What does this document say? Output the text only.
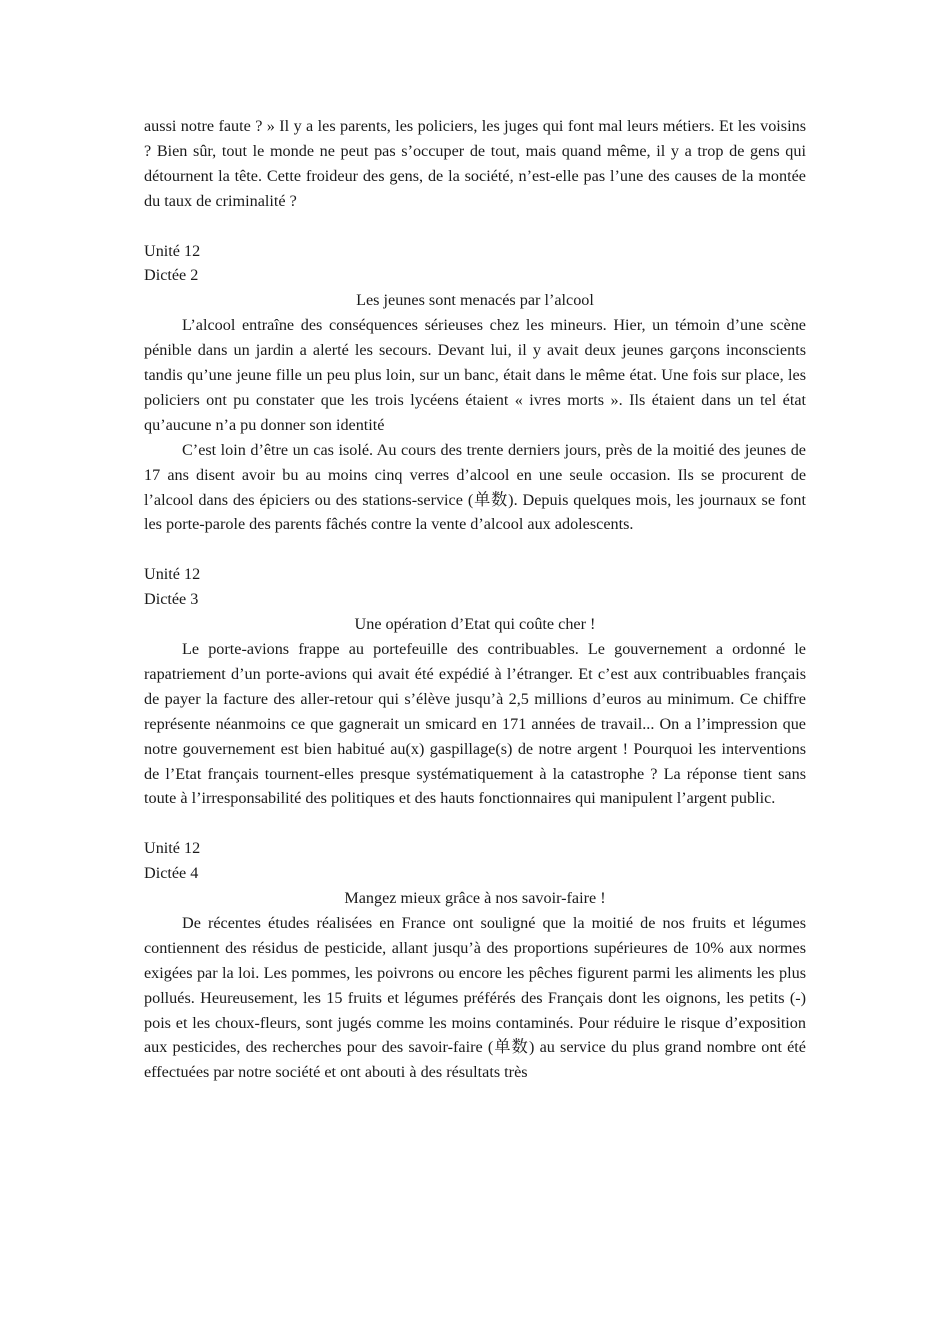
aussi notre faute ? » Il y a les parents, les policiers, les juges qui font mal leurs métiers. Et les voisins ? Bien sûr, tout le monde ne peut pas s’occuper de tout, mais quand même, il y a trop de gens qui détournent la tête. Cette froideur des gens, de la société, n’est-elle pas l’une des causes de la montée du taux de criminalité ?

Unité 12

Dictée 2

Les jeunes sont menacés par l’alcool

L’alcool entraîne des conséquences sérieuses chez les mineurs. Hier, un témoin d’une scène pénible dans un jardin a alerté les secours. Devant lui, il y avait deux jeunes garçons inconscients tandis qu’une jeune fille un peu plus loin, sur un banc, était dans le même état. Une fois sur place, les policiers ont pu constater que les trois lycéens étaient « ivres morts ». Ils étaient dans un tel état qu’aucune n’a pu donner son identité

C’est loin d’être un cas isolé. Au cours des trente derniers jours, près de la moitié des jeunes de 17 ans disent avoir bu au moins cinq verres d’alcool en une seule occasion. Ils se procurent de l’alcool dans des épiciers ou des stations-service (单数). Depuis quelques mois, les journaux se font les porte-parole des parents fâchés contre la vente d’alcool aux adolescents.

Unité 12

Dictée 3

Une opération d’Etat qui coûte cher !

Le porte-avions frappe au portefeuille des contribuables. Le gouvernement a ordonné le rapatriement d’un porte-avions qui avait été expédié à l’étranger. Et c’est aux contribuables français de payer la facture des aller-retour qui s’élève jusqu’à 2,5 millions d’euros au minimum. Ce chiffre représente néanmoins ce que gagnerait un smicard en 171 années de travail... On a l’impression que notre gouvernement est bien habitué au(x) gaspillage(s) de notre argent ! Pourquoi les interventions de l’Etat français tournent-elles presque systématiquement à la catastrophe ? La réponse tient sans toute à l’irresponsabilité des politiques et des hauts fonctionnaires qui manipulent l’argent public.

Unité 12

Dictée 4

Mangez mieux grâce à nos savoir-faire !

De récentes études réalisées en France ont souligné que la moitié de nos fruits et légumes contiennent des résidus de pesticide, allant jusqu’à des proportions supérieures de 10% aux normes exigées par la loi. Les pommes, les poivrons ou encore les pêches figurent parmi les aliments les plus pollués. Heureusement, les 15 fruits et légumes préférés des Français dont les oignons, les petits (-) pois et les choux-fleurs, sont jugés comme les moins contaminés. Pour réduire le risque d’exposition aux pesticides, des recherches pour des savoir-faire (单数) au service du plus grand nombre ont été effectuées par notre société et ont abouti à des résultats très
